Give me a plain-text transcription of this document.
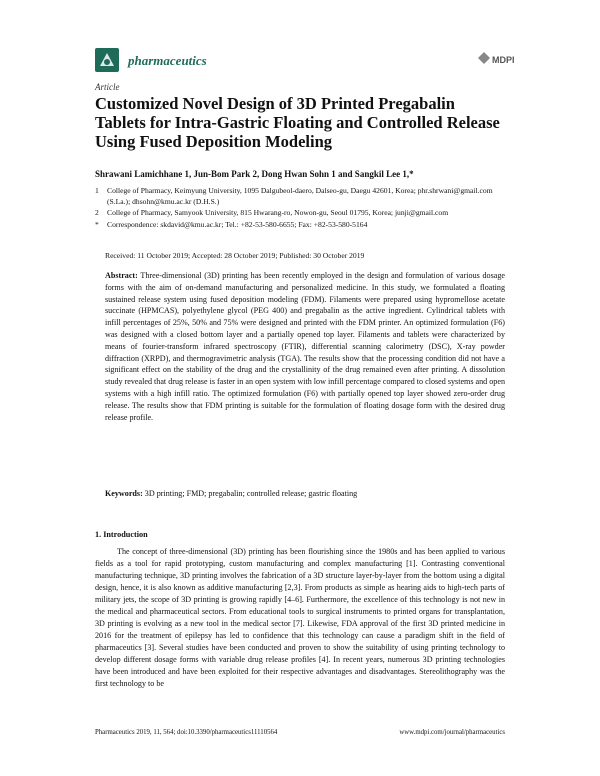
pharmaceutics	MDPI
Article
Customized Novel Design of 3D Printed Pregabalin Tablets for Intra-Gastric Floating and Controlled Release Using Fused Deposition Modeling
Shrawani Lamichhane 1, Jun-Bom Park 2, Dong Hwan Sohn 1 and Sangkil Lee 1,*
1	College of Pharmacy, Keimyung University, 1095 Dalgubeol-daero, Dalseo-gu, Daegu 42601, Korea; phr.shrwani@gmail.com (S.La.); dhsohn@kmu.ac.kr (D.H.S.)
2	College of Pharmacy, Samyook University, 815 Hwarang-ro, Nowon-gu, Seoul 01795, Korea; junji@gmail.com
*	Correspondence: skdavid@kmu.ac.kr; Tel.: +82-53-580-6655; Fax: +82-53-580-5164
Received: 11 October 2019; Accepted: 28 October 2019; Published: 30 October 2019
Abstract: Three-dimensional (3D) printing has been recently employed in the design and formulation of various dosage forms with the aim of on-demand manufacturing and personalized medicine. In this study, we formulated a floating sustained release system using fused deposition modeling (FDM). Filaments were prepared using hypromellose acetate succinate (HPMCAS), polyethylene glycol (PEG 400) and pregabalin as the active ingredient. Cylindrical tablets with infill percentages of 25%, 50% and 75% were designed and printed with the FDM printer. An optimized formulation (F6) was designed with a closed bottom layer and a partially opened top layer. Filaments and tablets were characterized by means of fourier-transform infrared spectroscopy (FTIR), differential scanning calorimetry (DSC), X-ray powder diffraction (XRPD), and thermogravimetric analysis (TGA). The results show that the processing condition did not have a significant effect on the stability of the drug and the crystallinity of the drug remained even after printing. A dissolution study revealed that drug release is faster in an open system with low infill percentage compared to closed systems and open systems with a high infill ratio. The optimized formulation (F6) with partially opened top layer showed zero-order drug release. The results show that FDM printing is suitable for the formulation of floating dosage form with the desired drug release profile.
Keywords: 3D printing; FMD; pregabalin; controlled release; gastric floating
1. Introduction
The concept of three-dimensional (3D) printing has been flourishing since the 1980s and has been applied to various fields as a tool for rapid prototyping, custom manufacturing and complex manufacturing [1]. Contrasting conventional manufacturing technique, 3D printing involves the fabrication of a 3D structure layer-by-layer from the bottom using a digital design, hence, it is also known as additive manufacturing [2,3]. From products as simple as hearing aids to high-tech parts of military jets, the scope of 3D printing is growing rapidly [4–6]. Furthermore, the excellence of this technology is not new in the medical and pharmaceutical sectors. From educational tools to surgical instruments to printed organs for transplantation, 3D printing is evolving as a new tool in the medical sector [7]. Likewise, FDA approval of the first 3D printed medicine in 2016 for the treatment of epilepsy has led to confidence that this technology can cause a paradigm shift in the field of pharmaceutics [3]. Several studies have been conducted and proven to show the suitability of using printing technology to develop different dosage forms with variable drug release profiles [4]. In recent years, numerous 3D printing technologies have been introduced and have been exploited for their respective advantages and disadvantages. Stereolithography was the first technology to be
Pharmaceutics 2019, 11, 564; doi:10.3390/pharmaceutics11110564	www.mdpi.com/journal/pharmaceutics
